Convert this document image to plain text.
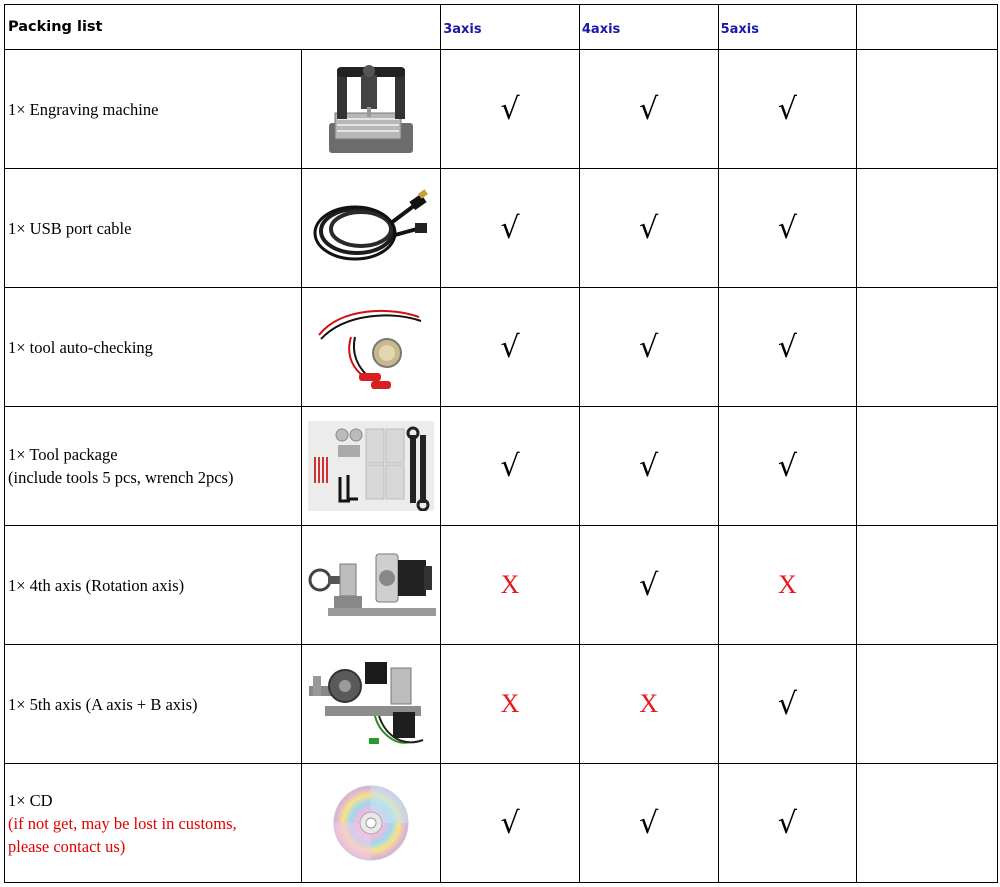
Packing list		3axis	4axis	5axis	

1× Engraving machine		√	√	√	

1× USB port cable		√	√	√	

1× tool auto-checking		√	√	√	

1× Tool package
(include tools 5 pcs, wrench 2pcs)		√	√	√	

1× 4th axis (Rotation axis)		X	√	X	

1× 5th axis (A axis + B axis)		X	X	√	

1× CD
(if not get, may be lost in customs,
please contact us)		√	√	√	
